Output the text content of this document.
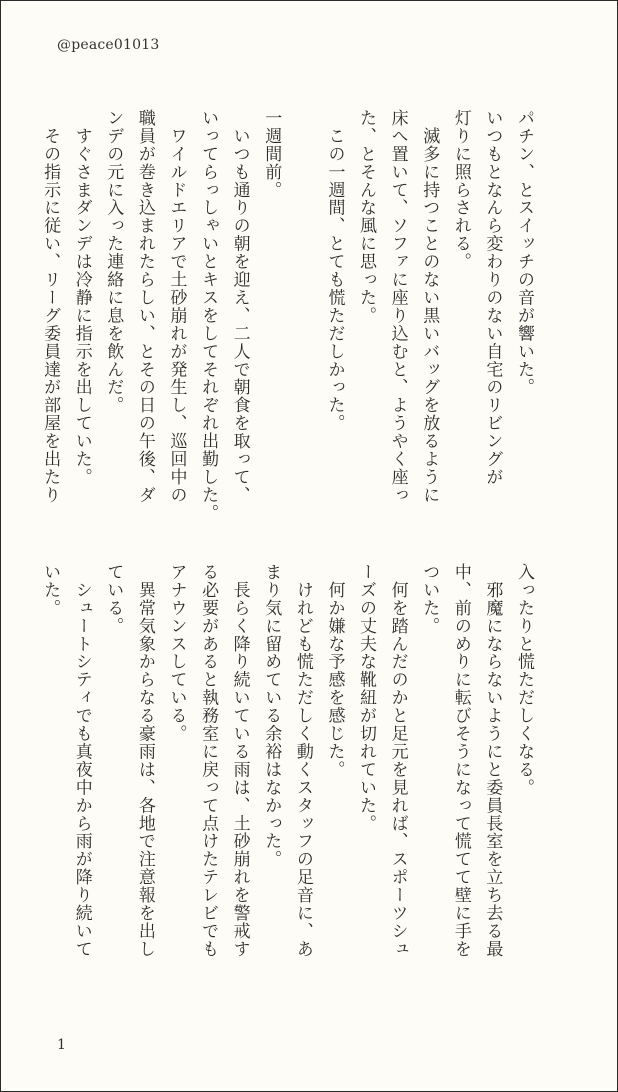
@peace01013
パチン、とスイッチの音が響いた。
いつもとなんら変わりのない自宅のリビングが
灯りに照らされる。
　滅多に持つことのない黒いバッグを放るように
床へ置いて、ソファに座り込むと、ようやく座っ
た、とそんな風に思った。
　この一週間、とても慌ただしかった。
一週間前。
　いつも通りの朝を迎え、二人で朝食を取って、
いってらっしゃいとキスをしてそれぞれ出勤した。
　ワイルドエリアで土砂崩れが発生し、巡回中の
職員が巻き込まれたらしい、とその日の午後、ダ
ンデの元に入った連絡に息を飲んだ。
　すぐさまダンデは冷静に指示を出していた。
　その指示に従い、リーグ委員達が部屋を出たり
入ったりと慌ただしくなる。
　邪魔にならないようにと委員長室を立ち去る最
中、前のめりに転びそうになって慌てて壁に手を
ついた。
　何を踏んだのかと足元を見れば、スポーツシュ
ーズの丈夫な靴紐が切れていた。
　何か嫌な予感を感じた。
　けれども慌ただしく動くスタッフの足音に、あ
まり気に留めている余裕はなかった。
　長らく降り続いている雨は、土砂崩れを警戒す
る必要があると執務室に戻って点けたテレビでも
アナウンスしている。
　異常気象からなる豪雨は、各地で注意報を出し
ている。
　シュートシティでも真夜中から雨が降り続いて
いた。
1
